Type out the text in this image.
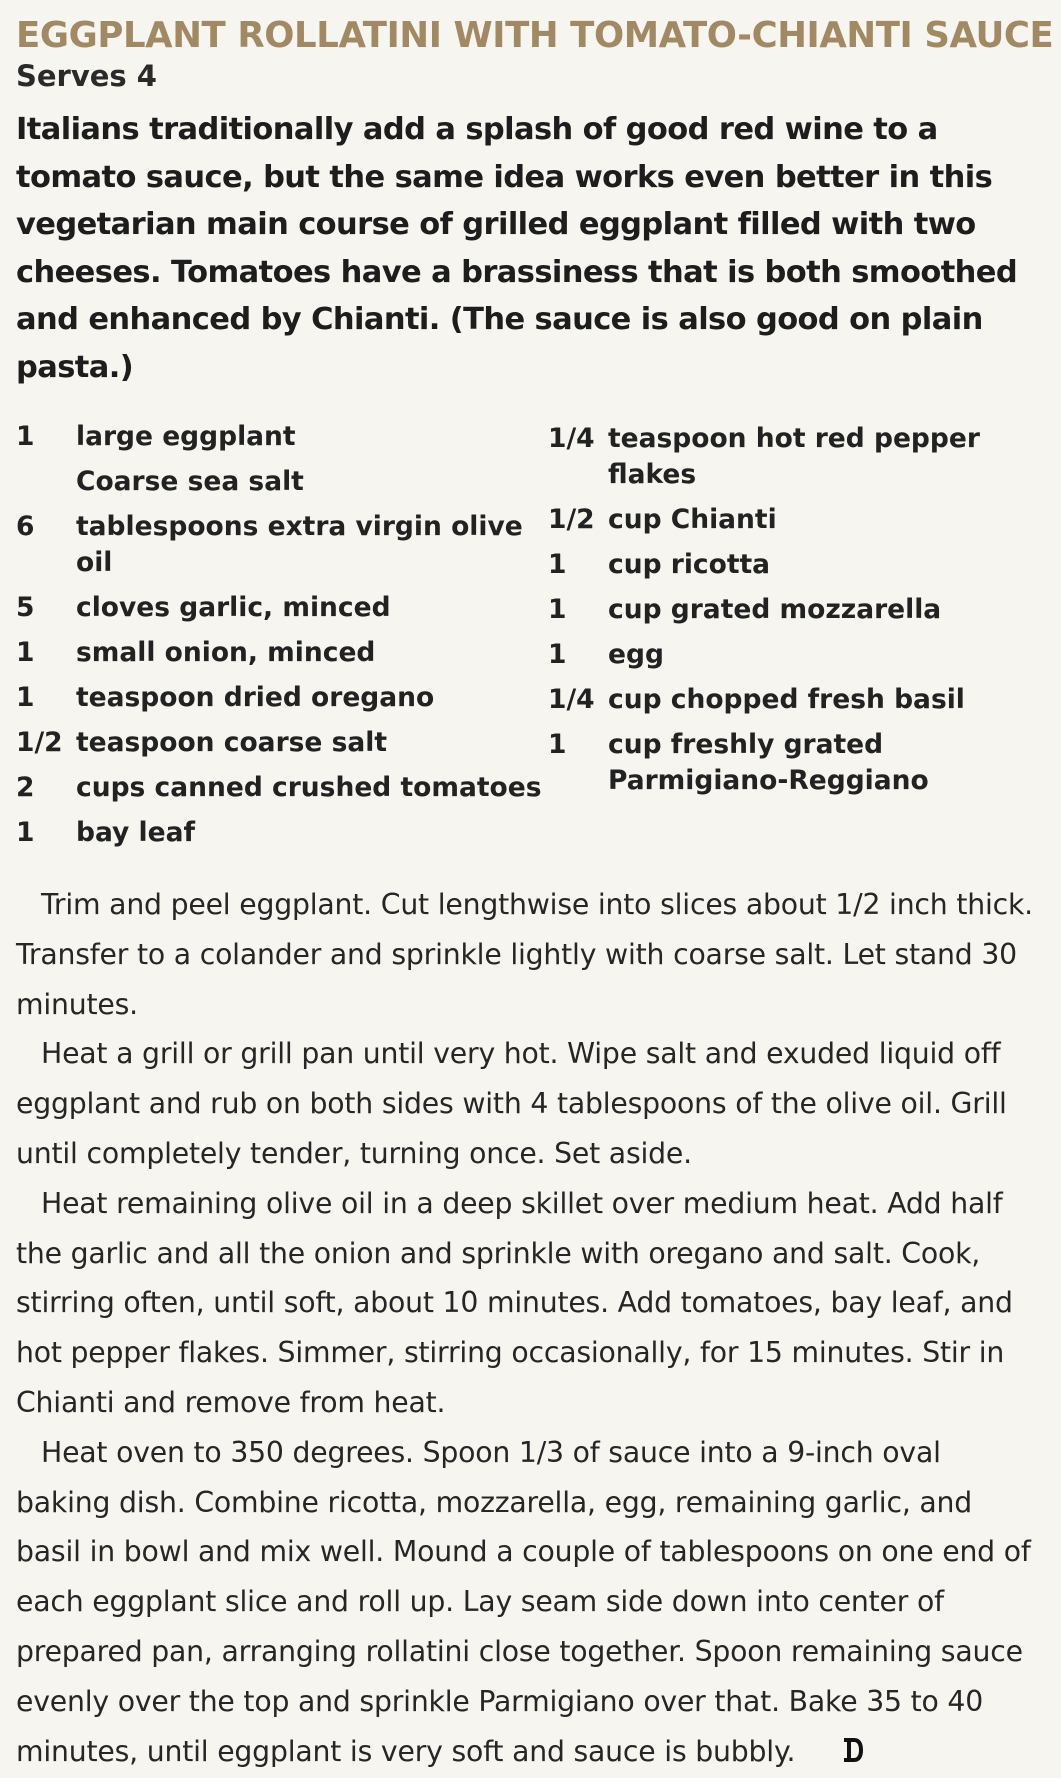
EGGPLANT ROLLATINI WITH TOMATO-CHIANTI SAUCE
Serves 4

Italians traditionally add a splash of good red wine to a tomato sauce, but the same idea works even better in this vegetarian main course of grilled eggplant filled with two cheeses. Tomatoes have a brassiness that is both smoothed and enhanced by Chianti. (The sauce is also good on plain pasta.)

1	large eggplant
Coarse sea salt
6	tablespoons extra virgin olive oil
5	cloves garlic, minced
1	small onion, minced
1	teaspoon dried oregano
1/2 teaspoon coarse salt
2	cups canned crushed tomatoes
1	bay leaf
1/4 teaspoon hot red pepper flakes
1/2 cup Chianti
1	cup ricotta
1	cup grated mozzarella
1	egg
1/4 cup chopped fresh basil
1	cup freshly grated Parmigiano-Reggiano

Trim and peel eggplant. Cut lengthwise into slices about 1/2 inch thick. Transfer to a colander and sprinkle lightly with coarse salt. Let stand 30 minutes.

Heat a grill or grill pan until very hot. Wipe salt and exuded liquid off eggplant and rub on both sides with 4 tablespoons of the olive oil. Grill until completely tender, turning once. Set aside.

Heat remaining olive oil in a deep skillet over medium heat. Add half the garlic and all the onion and sprinkle with oregano and salt. Cook, stirring often, until soft, about 10 minutes. Add tomatoes, bay leaf, and hot pepper flakes. Simmer, stirring occasionally, for 15 minutes. Stir in Chianti and remove from heat.

Heat oven to 350 degrees. Spoon 1/3 of sauce into a 9-inch oval baking dish. Combine ricotta, mozzarella, egg, remaining garlic, and basil in bowl and mix well. Mound a couple of tablespoons on one end of each eggplant slice and roll up. Lay seam side down into center of prepared pan, arranging rollatini close together. Spoon remaining sauce evenly over the top and sprinkle Parmigiano over that. Bake 35 to 40 minutes, until eggplant is very soft and sauce is bubbly.
